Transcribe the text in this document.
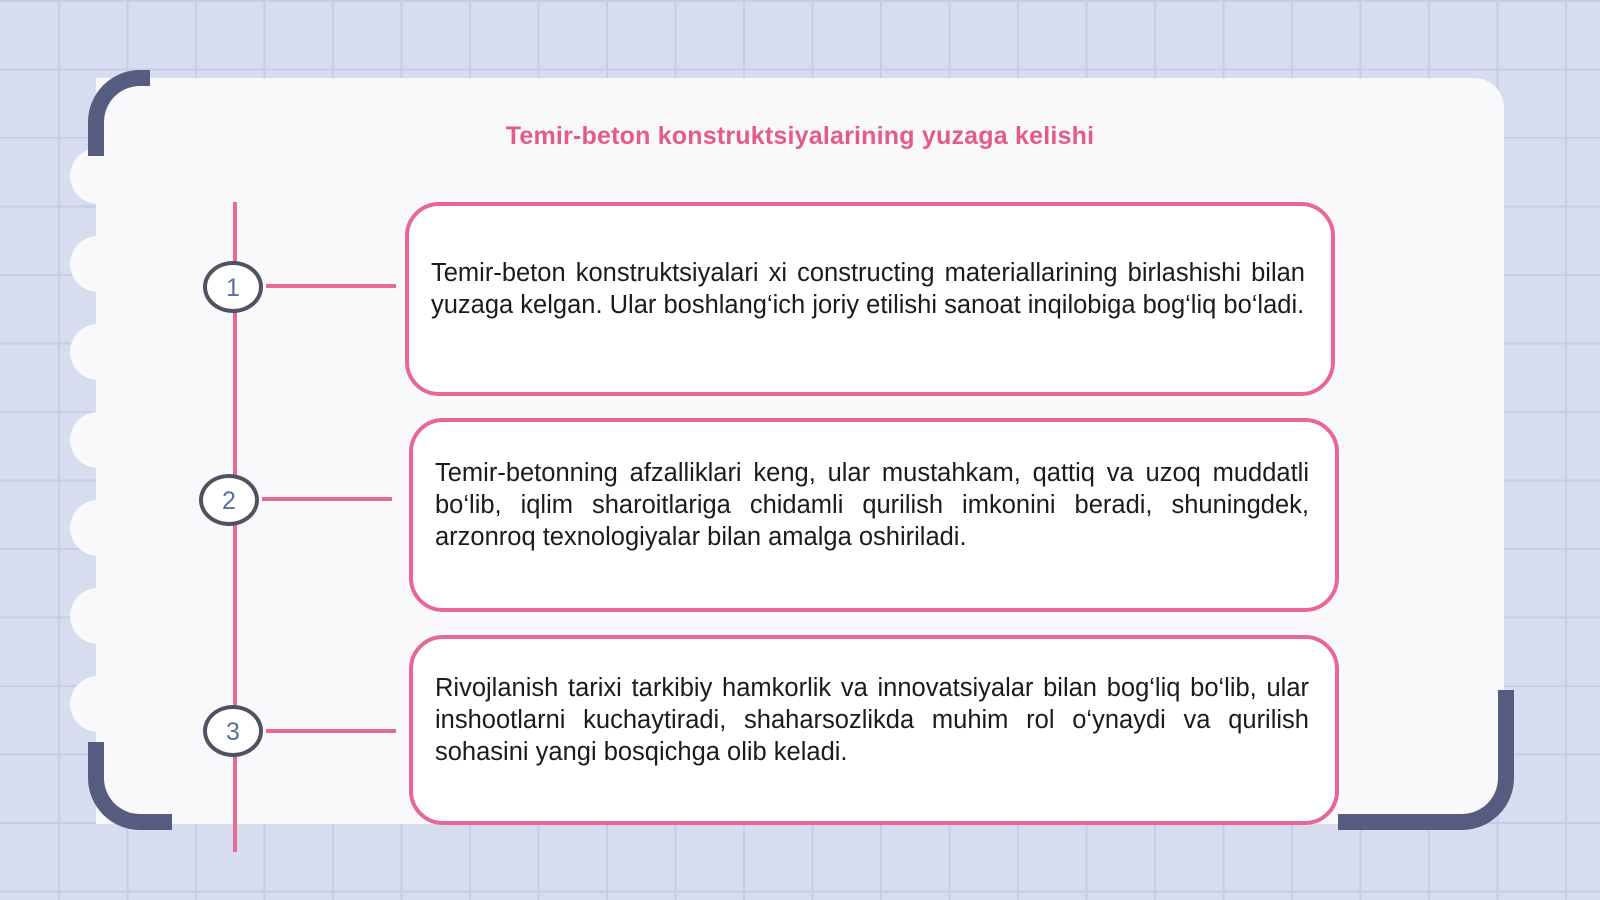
Temir-beton konstruktsiyalarining yuzaga kelishi
1
2
3

Temir-beton konstruktsiyalari xi constructing materiallarining birlashishi bilan yuzaga kelgan. Ular boshlang‘ich joriy etilishi sanoat inqilobiga bog‘liq bo‘ladi.

Temir-betonning afzalliklari keng, ular mustahkam, qattiq va uzoq muddatli bo‘lib, iqlim sharoitlariga chidamli qurilish imkonini beradi, shuningdek, arzonroq texnologiyalar bilan amalga oshiriladi.

Rivojlanish tarixi tarkibiy hamkorlik va innovatsiyalar bilan bog‘liq bo‘lib, ular inshootlarni kuchaytiradi, shaharsozlikda muhim rol o‘ynaydi va qurilish sohasini yangi bosqichga olib keladi.
